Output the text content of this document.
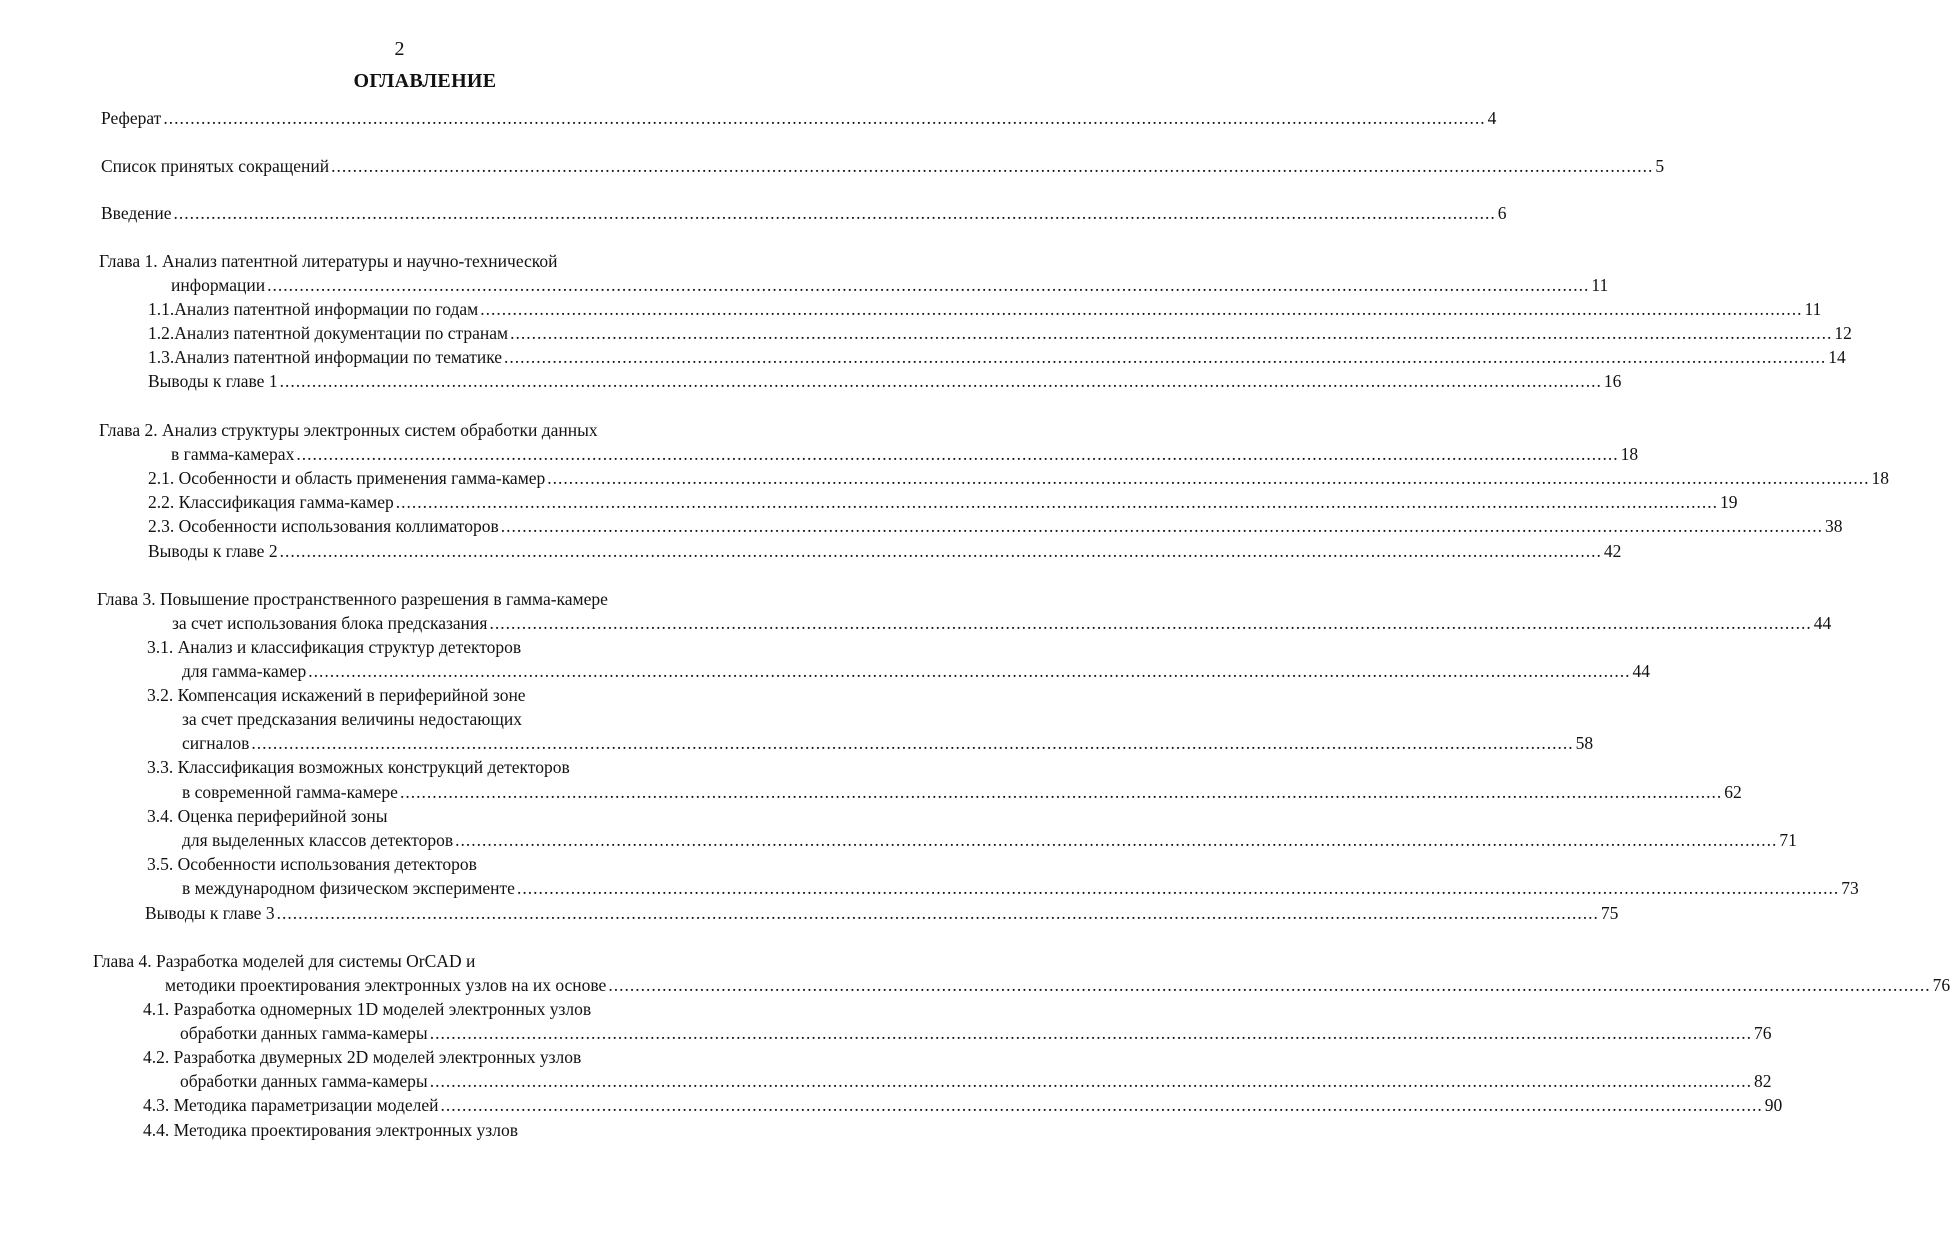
2
ОГЛАВЛЕНИЕ
Реферат ...................................................................................................................................................................................................................................................... 4
Список принятых сокращений ...................................................................................................................................................................................................................................................... 5
Введение ...................................................................................................................................................................................................................................................... 6
Глава 1. Анализ патентной литературы и научно-технической
информации ...................................................................................................................................................................................................................................................... 11
1.1. Анализ патентной информации по годам ...................................................................................................................................................................................................................................................... 11
1.2. Анализ патентной документации по странам ...................................................................................................................................................................................................................................................... 12
1.3. Анализ патентной информации по тематике ...................................................................................................................................................................................................................................................... 14
Выводы к главе 1 ...................................................................................................................................................................................................................................................... 16
Глава 2. Анализ структуры электронных систем обработки данных
в гамма-камерах ...................................................................................................................................................................................................................................................... 18
2.1. Особенности и область применения гамма-камер ...................................................................................................................................................................................................................................................... 18
2.2. Классификация гамма-камер ...................................................................................................................................................................................................................................................... 19
2.3. Особенности использования коллиматоров ...................................................................................................................................................................................................................................................... 38
Выводы к главе 2 ...................................................................................................................................................................................................................................................... 42
Глава 3. Повышение пространственного разрешения в гамма-камере
за счет использования блока предсказания ...................................................................................................................................................................................................................................................... 44
3.1. Анализ и классификация структур детекторов
для гамма-камер ...................................................................................................................................................................................................................................................... 44
3.2. Компенсация искажений в периферийной зоне
за счет предсказания величины недостающих
сигналов ...................................................................................................................................................................................................................................................... 58
3.3. Классификация возможных конструкций детекторов
в современной гамма-камере ...................................................................................................................................................................................................................................................... 62
3.4. Оценка периферийной зоны
для выделенных классов детекторов ...................................................................................................................................................................................................................................................... 71
3.5. Особенности использования детекторов
в международном физическом эксперименте ...................................................................................................................................................................................................................................................... 73
Выводы к главе 3 ...................................................................................................................................................................................................................................................... 75
Глава 4. Разработка моделей для системы OrCAD и
методики проектирования электронных узлов на их основе ...................................................................................................................................................................................................................................................... 76
4.1. Разработка одномерных 1D моделей электронных узлов
обработки данных гамма-камеры ...................................................................................................................................................................................................................................................... 76
4.2. Разработка двумерных 2D моделей электронных узлов
обработки данных гамма-камеры ...................................................................................................................................................................................................................................................... 82
4.3. Методика параметризации моделей ...................................................................................................................................................................................................................................................... 90
4.4. Методика проектирования электронных узлов
